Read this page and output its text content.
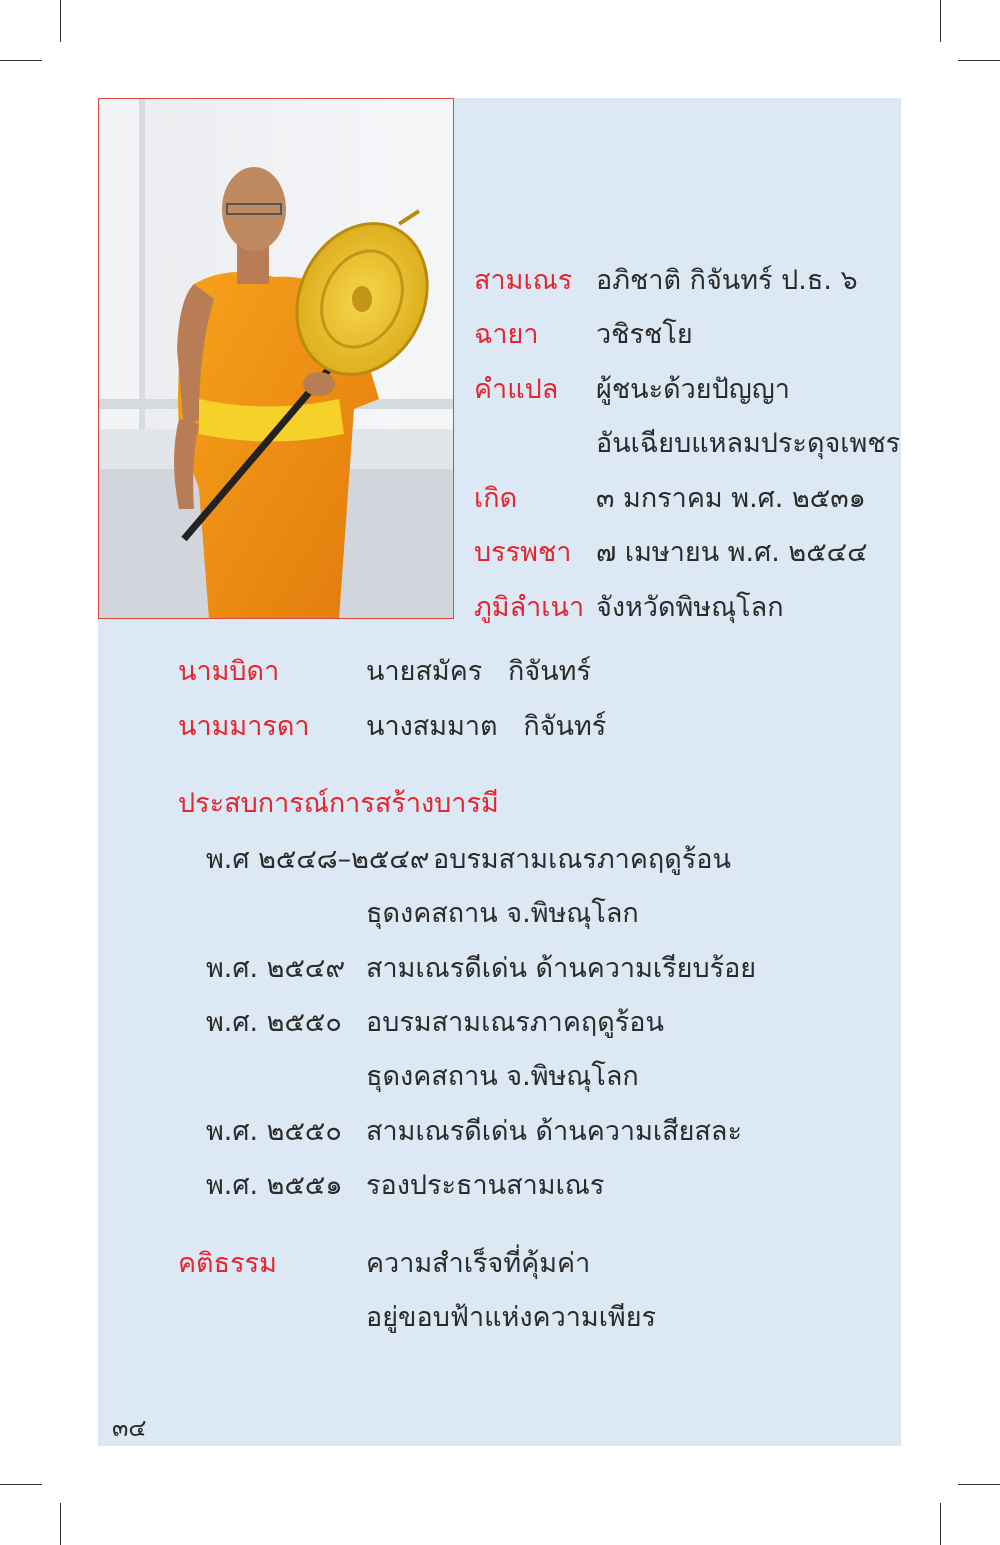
สามเณร อภิชาติ กิจันทร์ ป.ธ. ๖
ฉายา วชิรชโย
คำแปล ผู้ชนะด้วยปัญญา
อันเฉียบแหลมประดุจเพชร
เกิด	๓ มกราคม พ.ศ. ๒๕๓๑
บรรพชา ๗ เมษายน พ.ศ. ๒๕๔๔
ภูมิลำเนา จังหวัดพิษณุโลก
นามบิดา	นายสมัคร   กิจันทร์
นามมารดา นางสมมาต   กิจันทร์
ประสบการณ์การสร้างบารมี
พ.ศ ๒๕๔๘–๒๕๔๙ อบรมสามเณรภาคฤดูร้อน
ธุดงคสถาน จ.พิษณุโลก
พ.ศ. ๒๕๔๙ สามเณรดีเด่น ด้านความเรียบร้อย
พ.ศ. ๒๕๕๐ อบรมสามเณรภาคฤดูร้อน
ธุดงคสถาน จ.พิษณุโลก
พ.ศ. ๒๕๕๐ สามเณรดีเด่น ด้านความเสียสละ
พ.ศ. ๒๕๕๑ รองประธานสามเณร
คติธรรม	ความสำเร็จที่คุ้มค่า
อยู่ขอบฟ้าแห่งความเพียร
๓๔
